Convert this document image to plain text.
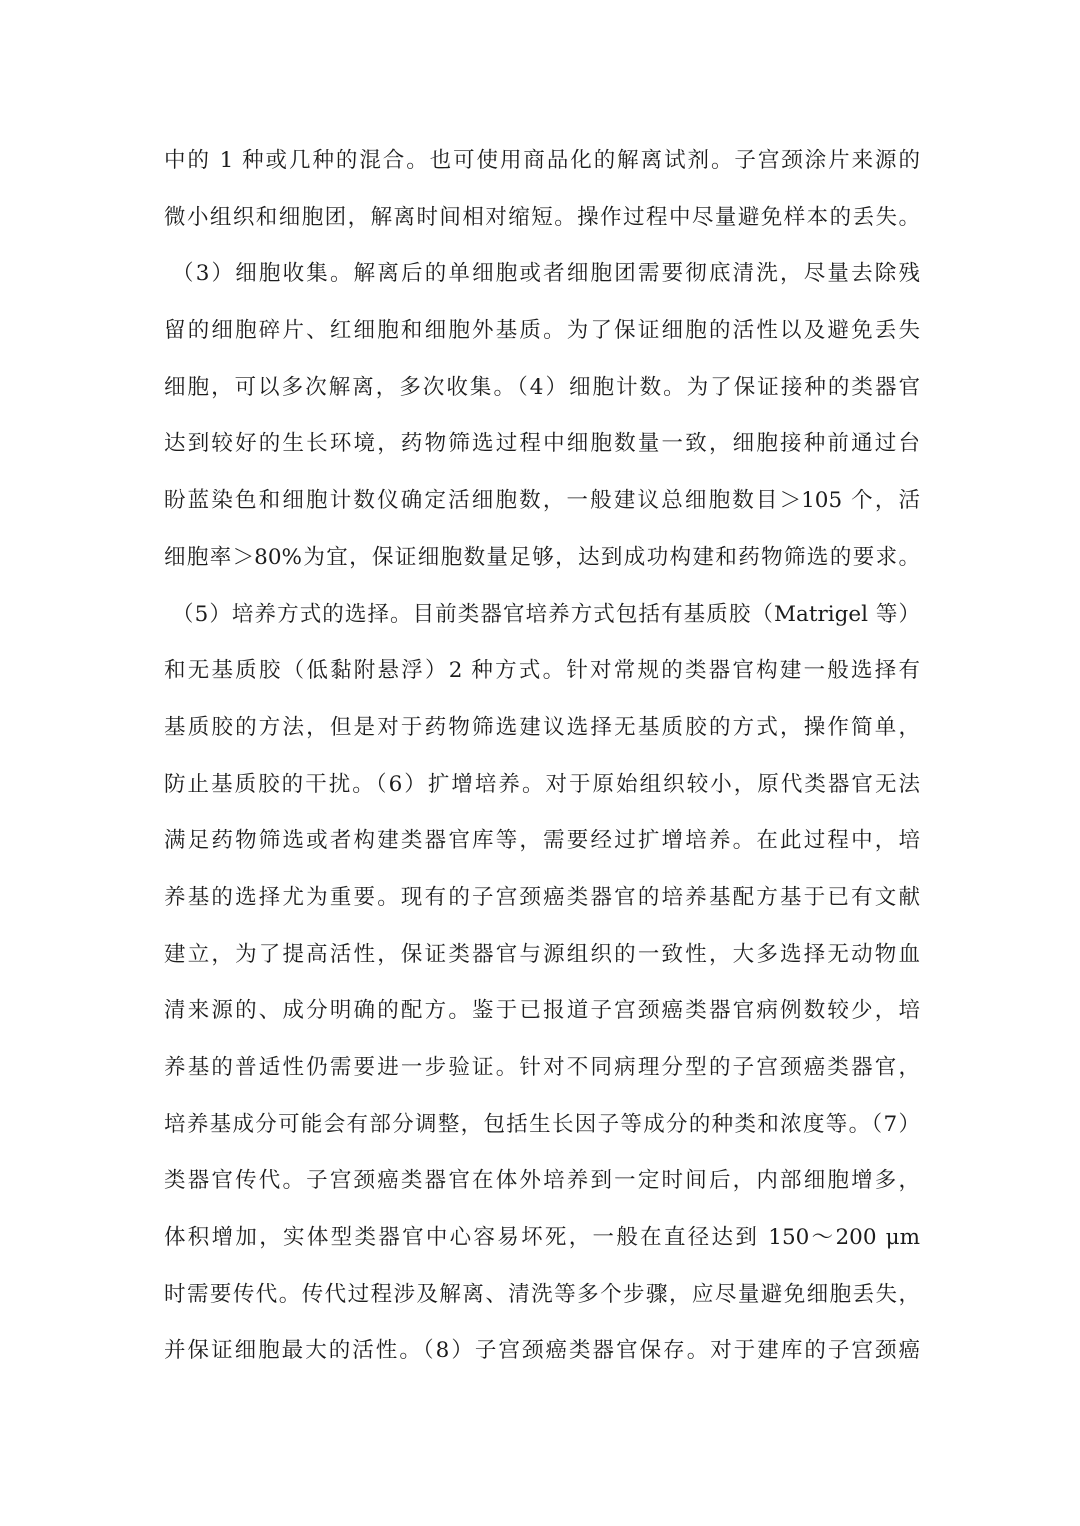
中的 1 种或几种的混合。也可使用商品化的解离试剂。子宫颈涂片来源的
微小组织和细胞团，解离时间相对缩短。操作过程中尽量避免样本的丢失。
（3）细胞收集。解离后的单细胞或者细胞团需要彻底清洗，尽量去除残
留的细胞碎片、红细胞和细胞外基质。为了保证细胞的活性以及避免丢失
细胞，可以多次解离，多次收集。（4）细胞计数。为了保证接种的类器官
达到较好的生长环境，药物筛选过程中细胞数量一致，细胞接种前通过台
盼蓝染色和细胞计数仪确定活细胞数，一般建议总细胞数目＞105 个，活
细胞率＞80%为宜，保证细胞数量足够，达到成功构建和药物筛选的要求。
（5）培养方式的选择。目前类器官培养方式包括有基质胶（Matrigel 等）
和无基质胶（低黏附悬浮）2 种方式。针对常规的类器官构建一般选择有
基质胶的方法，但是对于药物筛选建议选择无基质胶的方式，操作简单，
防止基质胶的干扰。（6）扩增培养。对于原始组织较小，原代类器官无法
满足药物筛选或者构建类器官库等，需要经过扩增培养。在此过程中，培
养基的选择尤为重要。现有的子宫颈癌类器官的培养基配方基于已有文献
建立，为了提高活性，保证类器官与源组织的一致性，大多选择无动物血
清来源的、成分明确的配方。鉴于已报道子宫颈癌类器官病例数较少，培
养基的普适性仍需要进一步验证。针对不同病理分型的子宫颈癌类器官，
培养基成分可能会有部分调整，包括生长因子等成分的种类和浓度等。（7）
类器官传代。子宫颈癌类器官在体外培养到一定时间后，内部细胞增多，
体积增加，实体型类器官中心容易坏死，一般在直径达到 150～200 μm
时需要传代。传代过程涉及解离、清洗等多个步骤，应尽量避免细胞丢失，
并保证细胞最大的活性。（8）子宫颈癌类器官保存。对于建库的子宫颈癌
